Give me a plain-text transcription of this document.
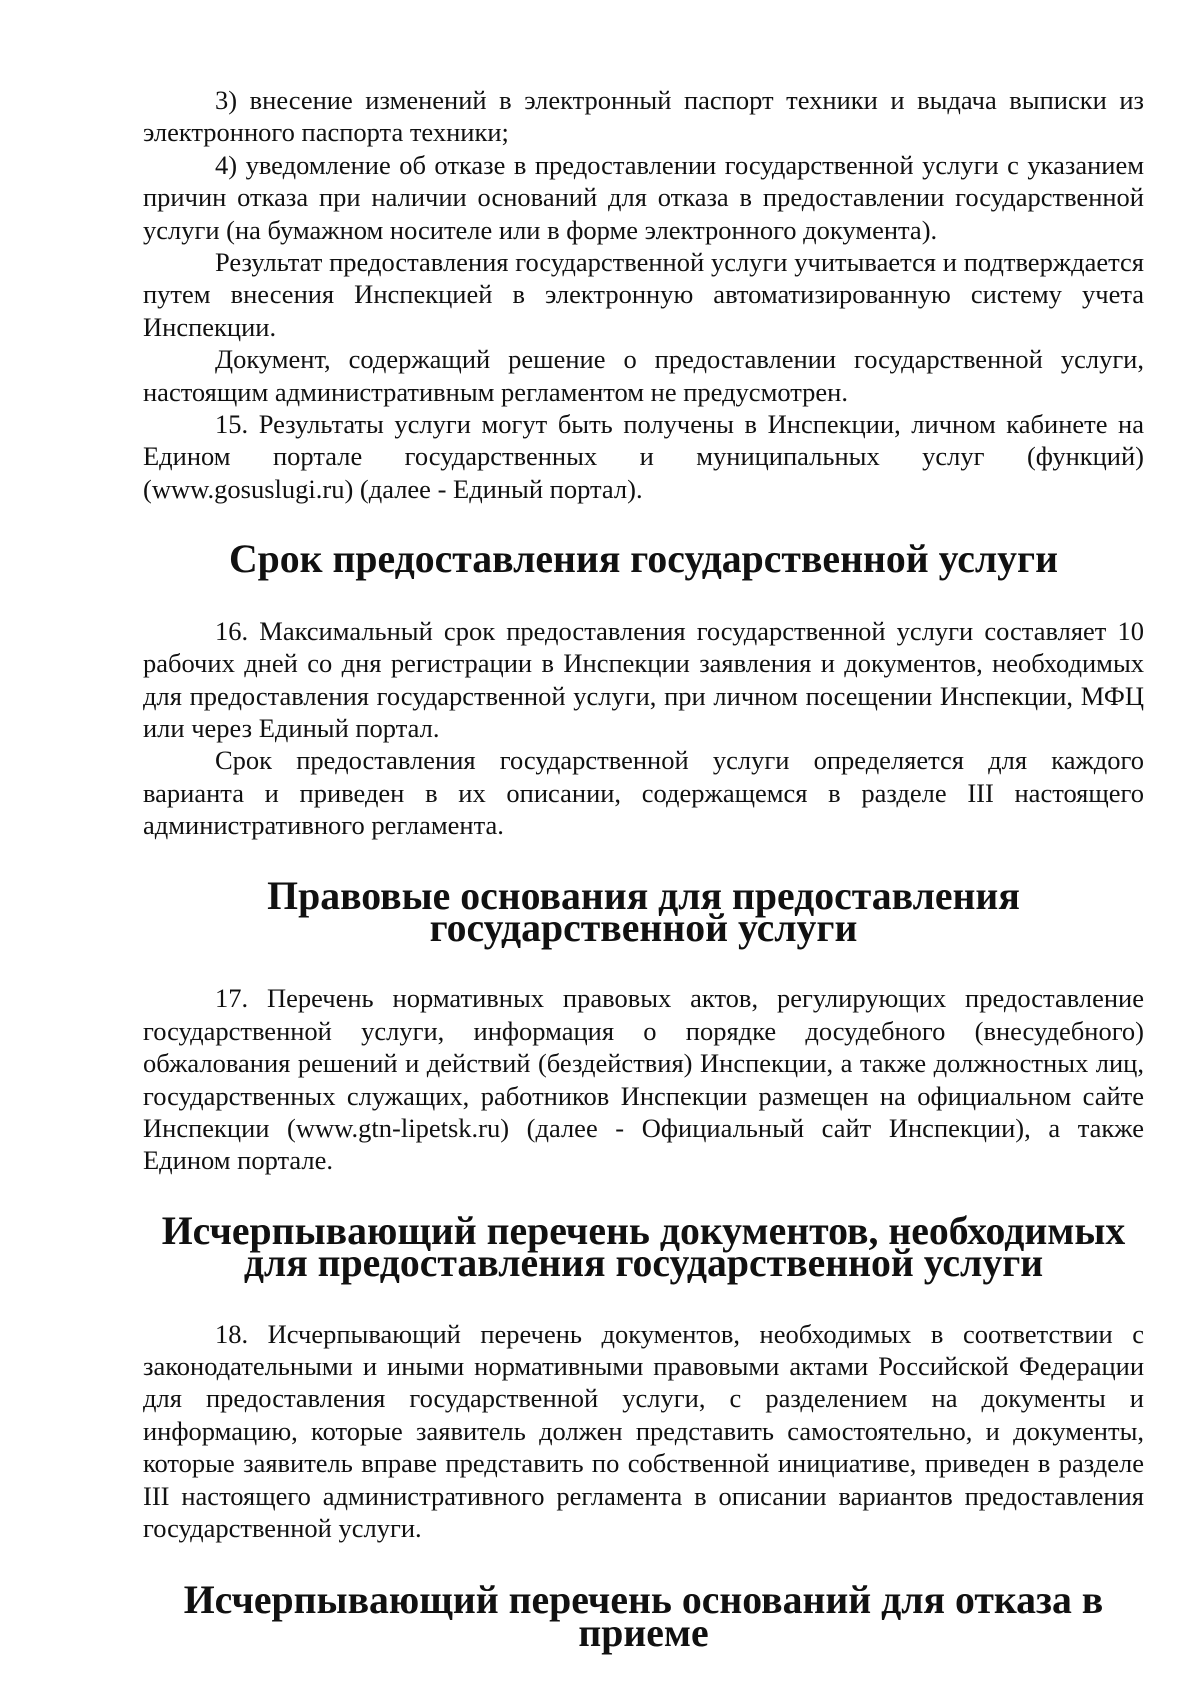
3) внесение изменений в электронный паспорт техники и выдача выписки из электронного паспорта техники;

4) уведомление об отказе в предоставлении государственной услуги с указанием причин отказа при наличии оснований для отказа в предоставлении государственной услуги (на бумажном носителе или в форме электронного документа).

Результат предоставления государственной услуги учитывается и подтверждается путем внесения Инспекцией в электронную автоматизированную систему учета Инспекции.

Документ, содержащий решение о предоставлении государственной услуги, настоящим административным регламентом не предусмотрен.

15. Результаты услуги могут быть получены в Инспекции, личном кабинете на Едином портале государственных и муниципальных услуг (функций) (www.gosuslugi.ru) (далее - Единый портал).

Срок предоставления государственной услуги

16. Максимальный срок предоставления государственной услуги составляет 10 рабочих дней со дня регистрации в Инспекции заявления и документов, необходимых для предоставления государственной услуги, при личном посещении Инспекции, МФЦ или через Единый портал.

Срок предоставления государственной услуги определяется для каждого варианта и приведен в их описании, содержащемся в разделе III настоящего административного регламента.

Правовые основания для предоставления государственной услуги

17. Перечень нормативных правовых актов, регулирующих предоставление государственной услуги, информация о порядке досудебного (внесудебного) обжалования решений и действий (бездействия) Инспекции, а также должностных лиц, государственных служащих, работников Инспекции размещен на официальном сайте Инспекции (www.gtn-lipetsk.ru) (далее - Официальный сайт Инспекции), а также Едином портале.

Исчерпывающий перечень документов, необходимых
для предоставления государственной услуги

18. Исчерпывающий перечень документов, необходимых в соответствии с законодательными и иными нормативными правовыми актами Российской Федерации для предоставления государственной услуги, с разделением на документы и информацию, которые заявитель должен представить самостоятельно, и документы, которые заявитель вправе представить по собственной инициативе, приведен в разделе III настоящего административного регламента в описании вариантов предоставления государственной услуги.

Исчерпывающий перечень оснований для отказа в приеме
